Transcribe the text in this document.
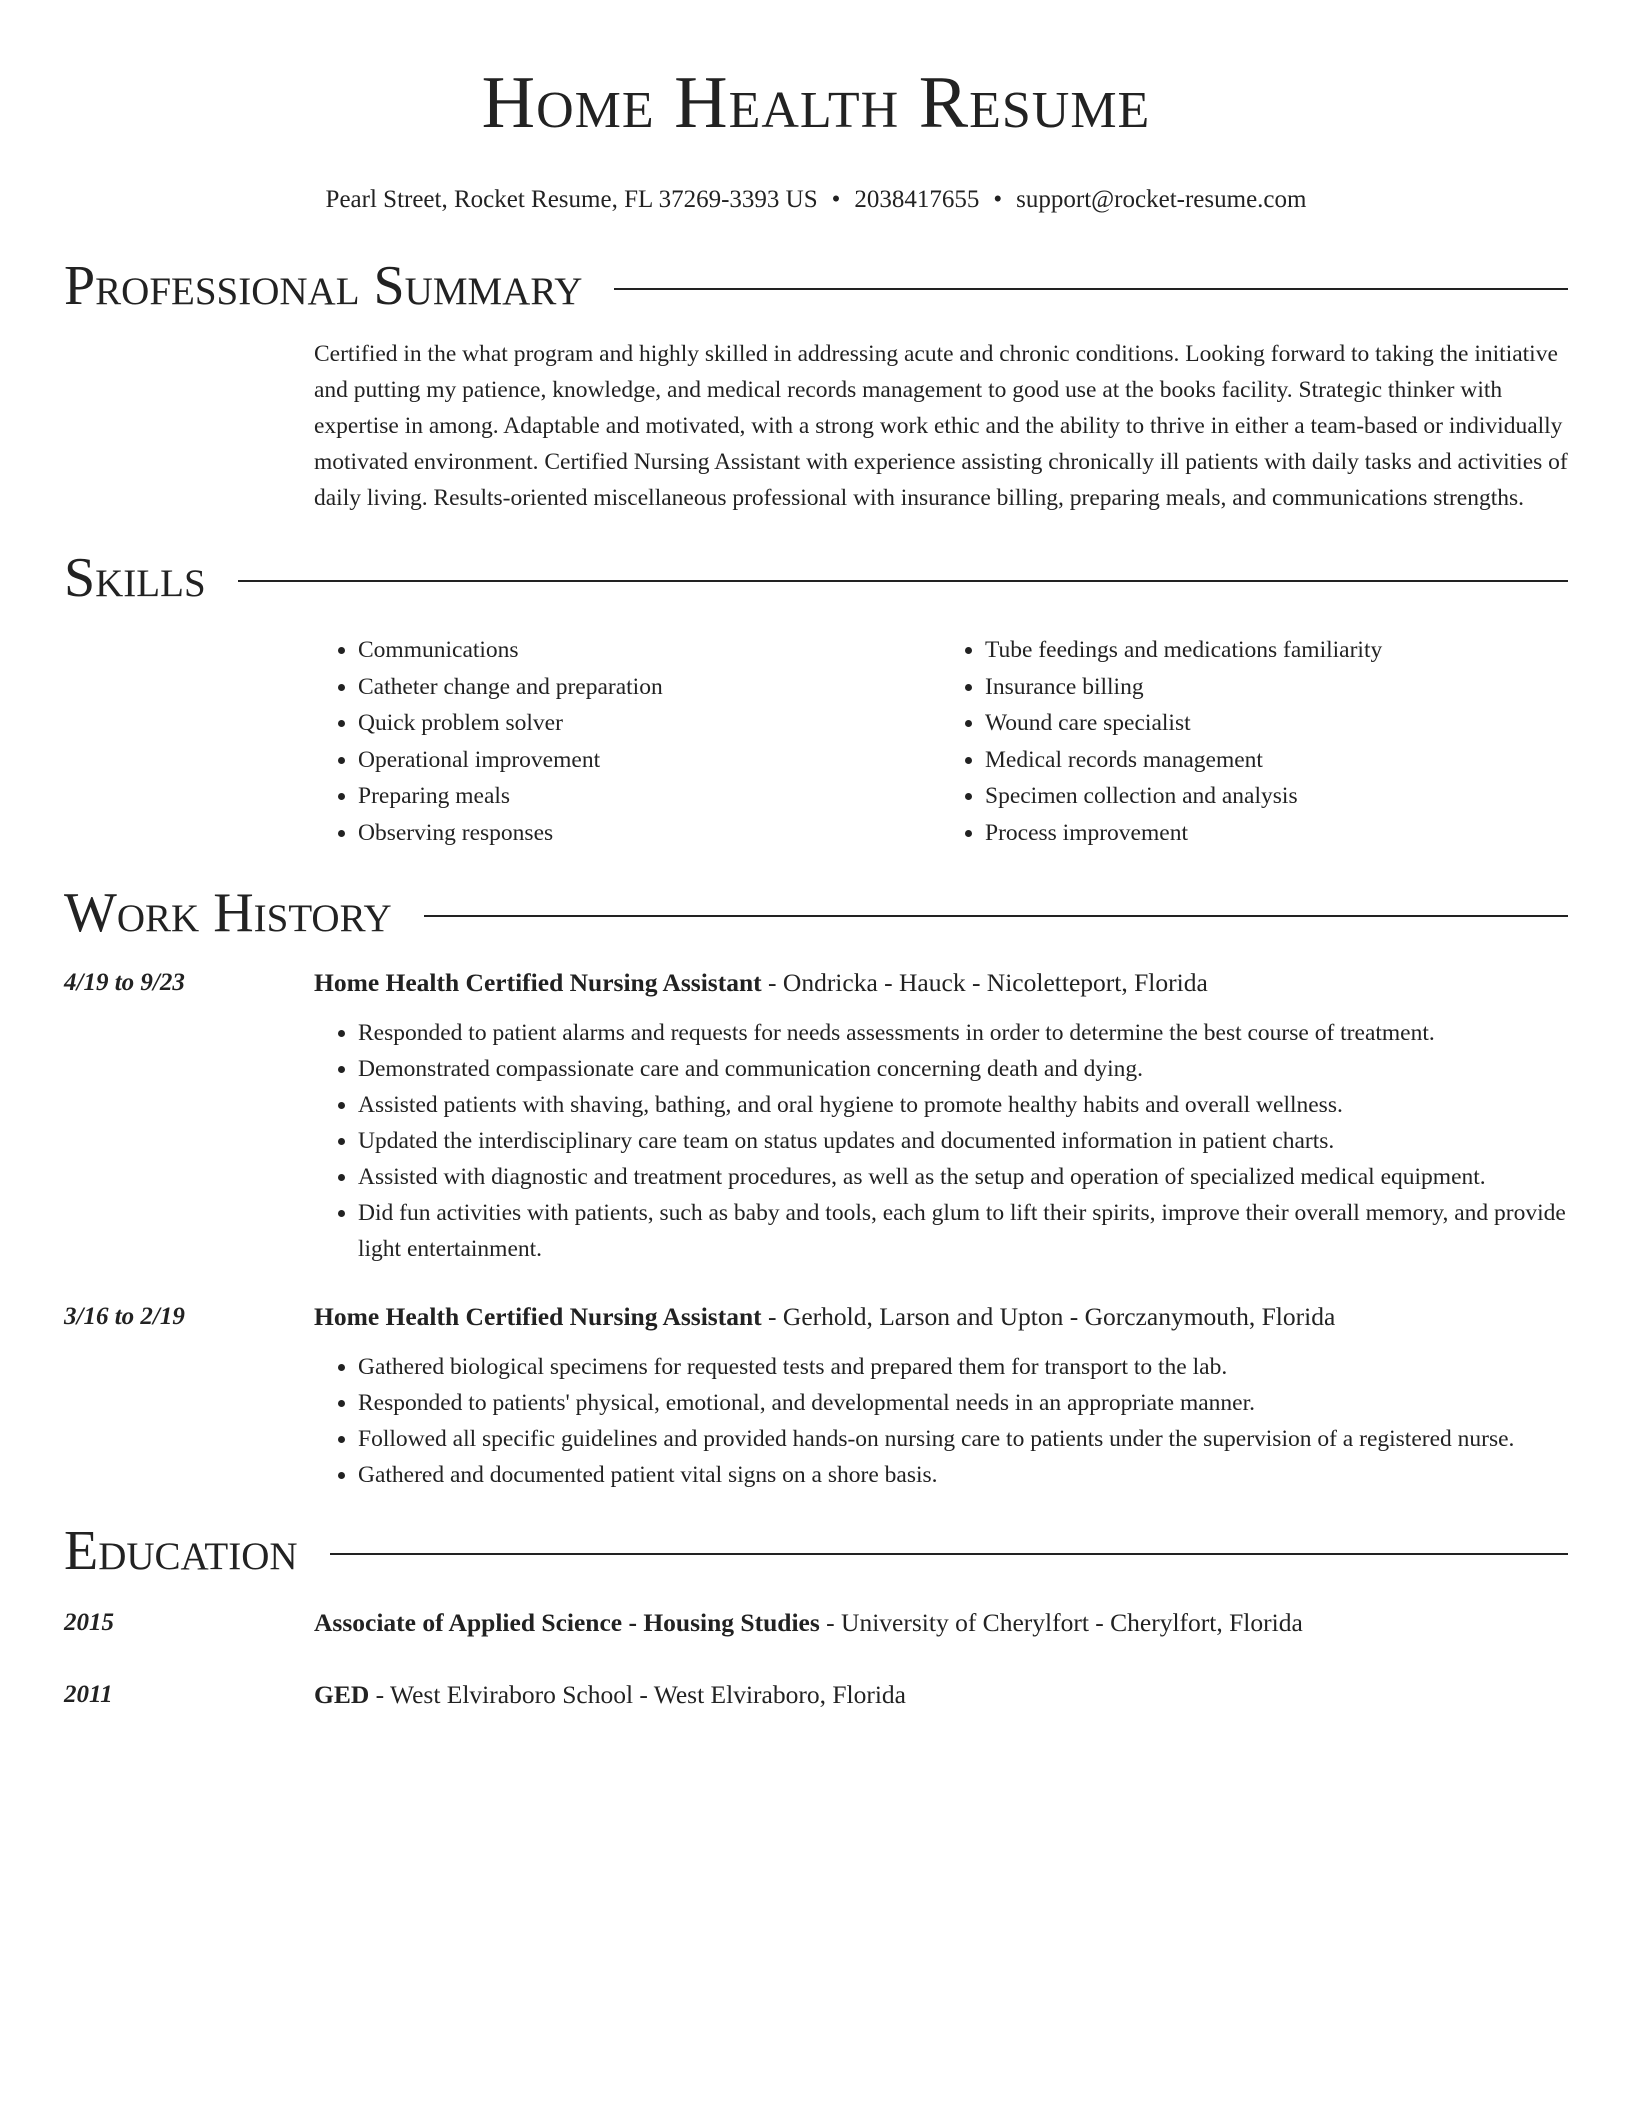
Home Health Resume
Pearl Street, Rocket Resume, FL 37269-3393 US • 2038417655 • support@rocket-resume.com
Professional Summary
Certified in the what program and highly skilled in addressing acute and chronic conditions. Looking forward to taking the initiative and putting my patience, knowledge, and medical records management to good use at the books facility. Strategic thinker with expertise in among. Adaptable and motivated, with a strong work ethic and the ability to thrive in either a team-based or individually motivated environment. Certified Nursing Assistant with experience assisting chronically ill patients with daily tasks and activities of daily living. Results-oriented miscellaneous professional with insurance billing, preparing meals, and communications strengths.
Skills
• Communications
• Catheter change and preparation
• Quick problem solver
• Operational improvement
• Preparing meals
• Observing responses
• Tube feedings and medications familiarity
• Insurance billing
• Wound care specialist
• Medical records management
• Specimen collection and analysis
• Process improvement
Work History
4/19 to 9/23	Home Health Certified Nursing Assistant - Ondricka - Hauck - Nicoletteport, Florida
• Responded to patient alarms and requests for needs assessments in order to determine the best course of treatment.
• Demonstrated compassionate care and communication concerning death and dying.
• Assisted patients with shaving, bathing, and oral hygiene to promote healthy habits and overall wellness.
• Updated the interdisciplinary care team on status updates and documented information in patient charts.
• Assisted with diagnostic and treatment procedures, as well as the setup and operation of specialized medical equipment.
• Did fun activities with patients, such as baby and tools, each glum to lift their spirits, improve their overall memory, and provide light entertainment.
3/16 to 2/19	Home Health Certified Nursing Assistant - Gerhold, Larson and Upton - Gorczanymouth, Florida
• Gathered biological specimens for requested tests and prepared them for transport to the lab.
• Responded to patients' physical, emotional, and developmental needs in an appropriate manner.
• Followed all specific guidelines and provided hands-on nursing care to patients under the supervision of a registered nurse.
• Gathered and documented patient vital signs on a shore basis.
Education
2015	Associate of Applied Science - Housing Studies - University of Cherylfort - Cherylfort, Florida
2011	GED - West Elviraboro School - West Elviraboro, Florida
